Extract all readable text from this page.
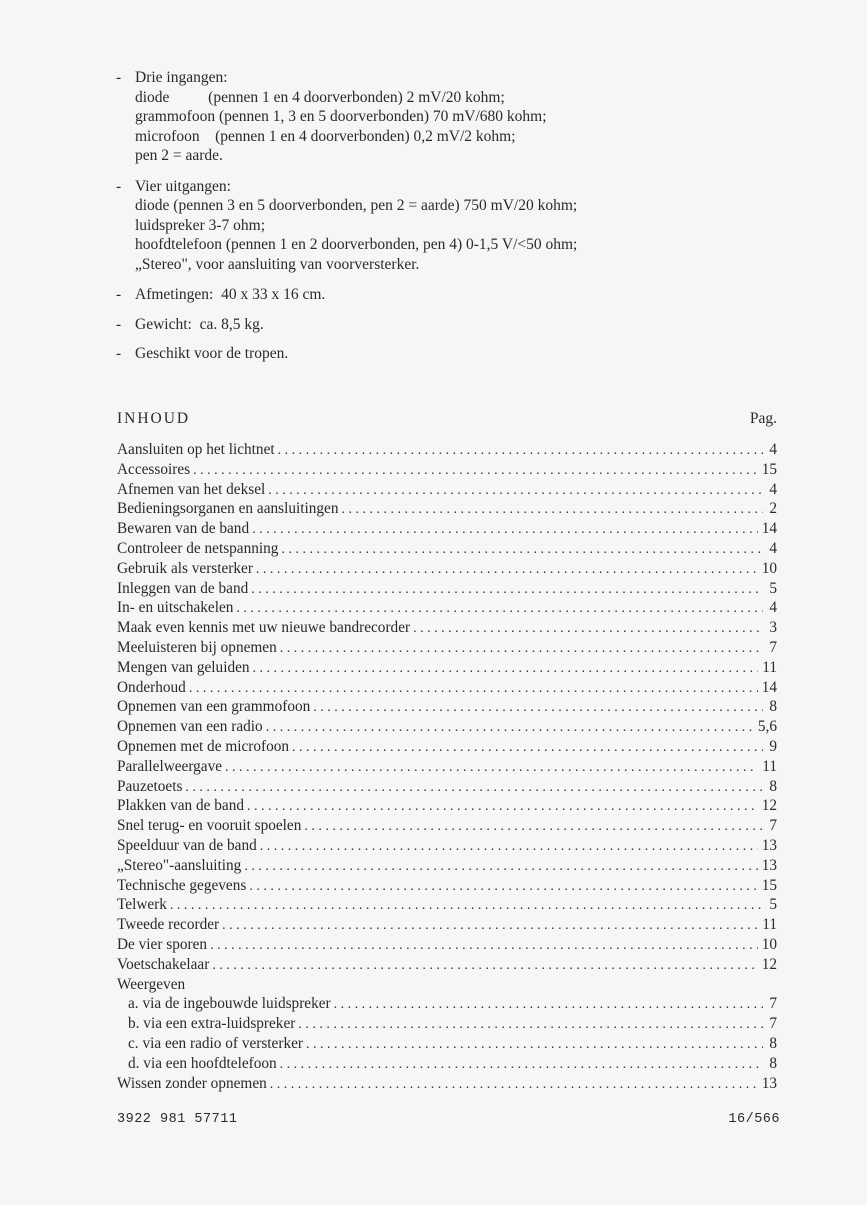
- Drie ingangen:
diode          (pennen 1 en 4 doorverbonden) 2 mV/20 kohm;
grammofoon (pennen 1, 3 en 5 doorverbonden) 70 mV/680 kohm;
microfoon    (pennen 1 en 4 doorverbonden) 0,2 mV/2 kohm;
pen 2 = aarde.
- Vier uitgangen:
diode (pennen 3 en 5 doorverbonden, pen 2 = aarde) 750 mV/20 kohm;
luidspreker 3-7 ohm;
hoofdtelefoon (pennen 1 en 2 doorverbonden, pen 4) 0-1,5 V/<50 ohm;
„Stereo", voor aansluiting van voorversterker.
- Afmetingen:  40 x 33 x 16 cm.
- Gewicht:  ca. 8,5 kg.
- Geschikt voor de tropen.
INHOUD	Pag.
Aansluiten op het lichtnet . . .	4
Accessoires . . .	15
Afnemen van het deksel . . .	4
Bedieningsorganen en aansluitingen . . .	2
Bewaren van de band . . .	14
Controleer de netspanning . . .	4
Gebruik als versterker . . .	10
Inleggen van de band . . .	5
In- en uitschakelen . . .	4
Maak even kennis met uw nieuwe bandrecorder . . .	3
Meeluisteren bij opnemen . . .	7
Mengen van geluiden . . .	11
Onderhoud . . .	14
Opnemen van een grammofoon . . .	8
Opnemen van een radio . . .	5,6
Opnemen met de microfoon . . .	9
Parallelweergave . . .	11
Pauzetoets . . .	8
Plakken van de band . . .	12
Snel terug- en vooruit spoelen . . .	7
Speelduur van de band . . .	13
„Stereo"-aansluiting . . .	13
Technische gegevens . . .	15
Telwerk . . .	5
Tweede recorder . . .	11
De vier sporen . . .	10
Voetschakelaar . . .	12
Weergeven
a. via de ingebouwde luidspreker . . .	7
b. via een extra-luidspreker . . .	7
c. via een radio of versterker . . .	8
d. via een hoofdtelefoon . . .	8
Wissen zonder opnemen . . .	13
3922 981 57711	16/566
